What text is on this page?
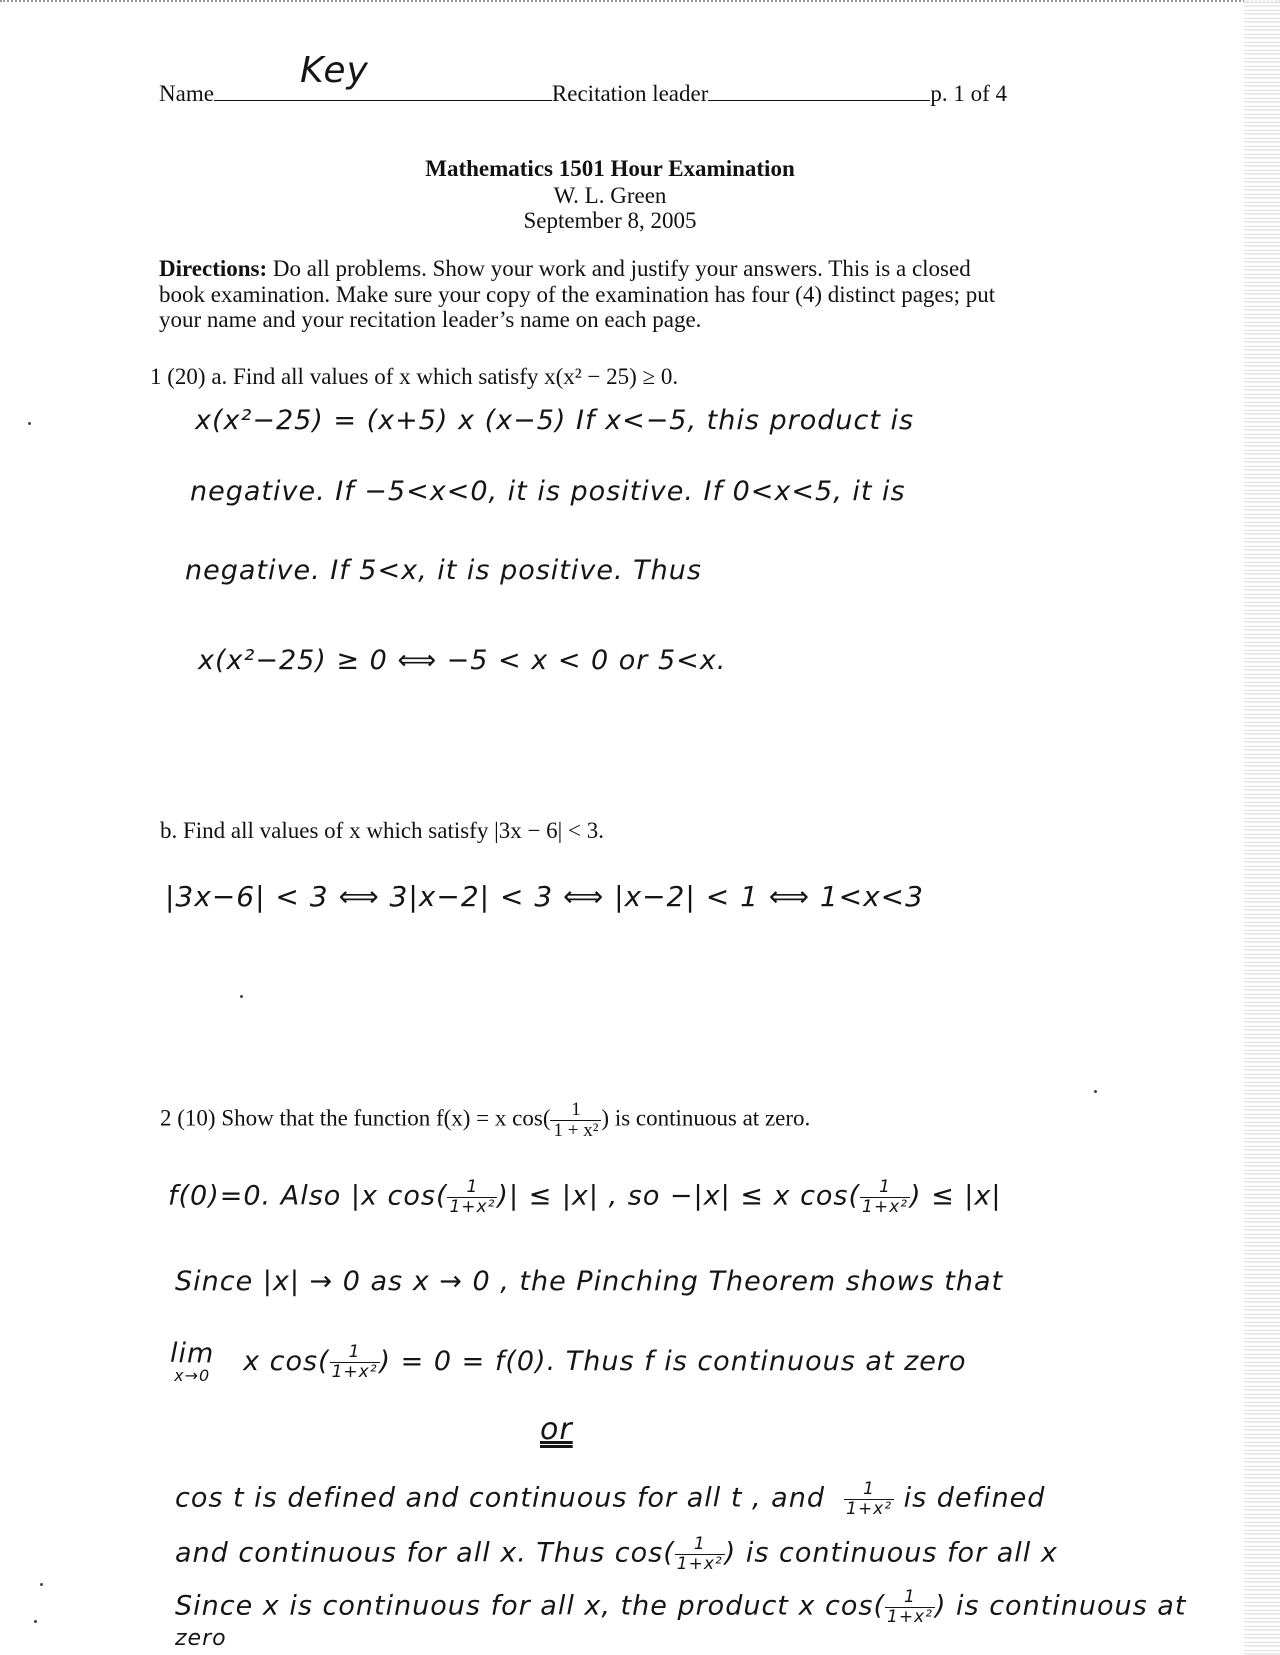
Name	Recitation leader	p. 1 of 4
Key
Mathematics 1501 Hour Examination
W. L. Green
September 8, 2005
Directions: Do all problems. Show your work and justify your answers. This is a closed
book examination. Make sure your copy of the examination has four (4) distinct pages; put
your name and your recitation leader’s name on each page.
1 (20) a. Find all values of x which satisfy x(x² − 25) ≥ 0.
x(x²−25) = (x+5) x (x−5) If x<−5, this product is
negative. If −5<x<0, it is positive. If 0<x<5, it is
negative. If 5<x, it is positive. Thus
x(x²−25) ≥ 0 ⟺ −5 < x < 0 or 5<x.
b. Find all values of x which satisfy |3x − 6| < 3.
|3x−6| < 3 ⟺ 3|x−2| < 3 ⟺ |x−2| < 1 ⟺ 1<x<3
2 (10) Show that the function f(x) = x $\cos( \frac{1}{\text{1 + x²}}$ ) is continuous at zero.
f(0)=0. Also |x $\cos( \frac{1}{\text{1+x²}}$ )| ≤ |x| , so −|x| ≤ x $\cos( \frac{1}{\text{1+x²}}$ ) ≤ |x|
Since |x| → 0 as x → 0 , the Pinching Theorem shows that
lim
x→0 x $\cos( \frac{1}{\text{1+x²}}$ ) = 0 = f(0). Thus f is continuous at zero
or
cos t is defined and continuous for all t , and $\frac{1}{\text{1+x²}}$ is defined
and continuous for all x. Thus $\cos( \frac{1}{\text{1+x²}}$ ) is continuous for all x
Since x is continuous for all x, the product x $\cos( \frac{1}{\text{1+x²}}$ ) is continuous at
zero
